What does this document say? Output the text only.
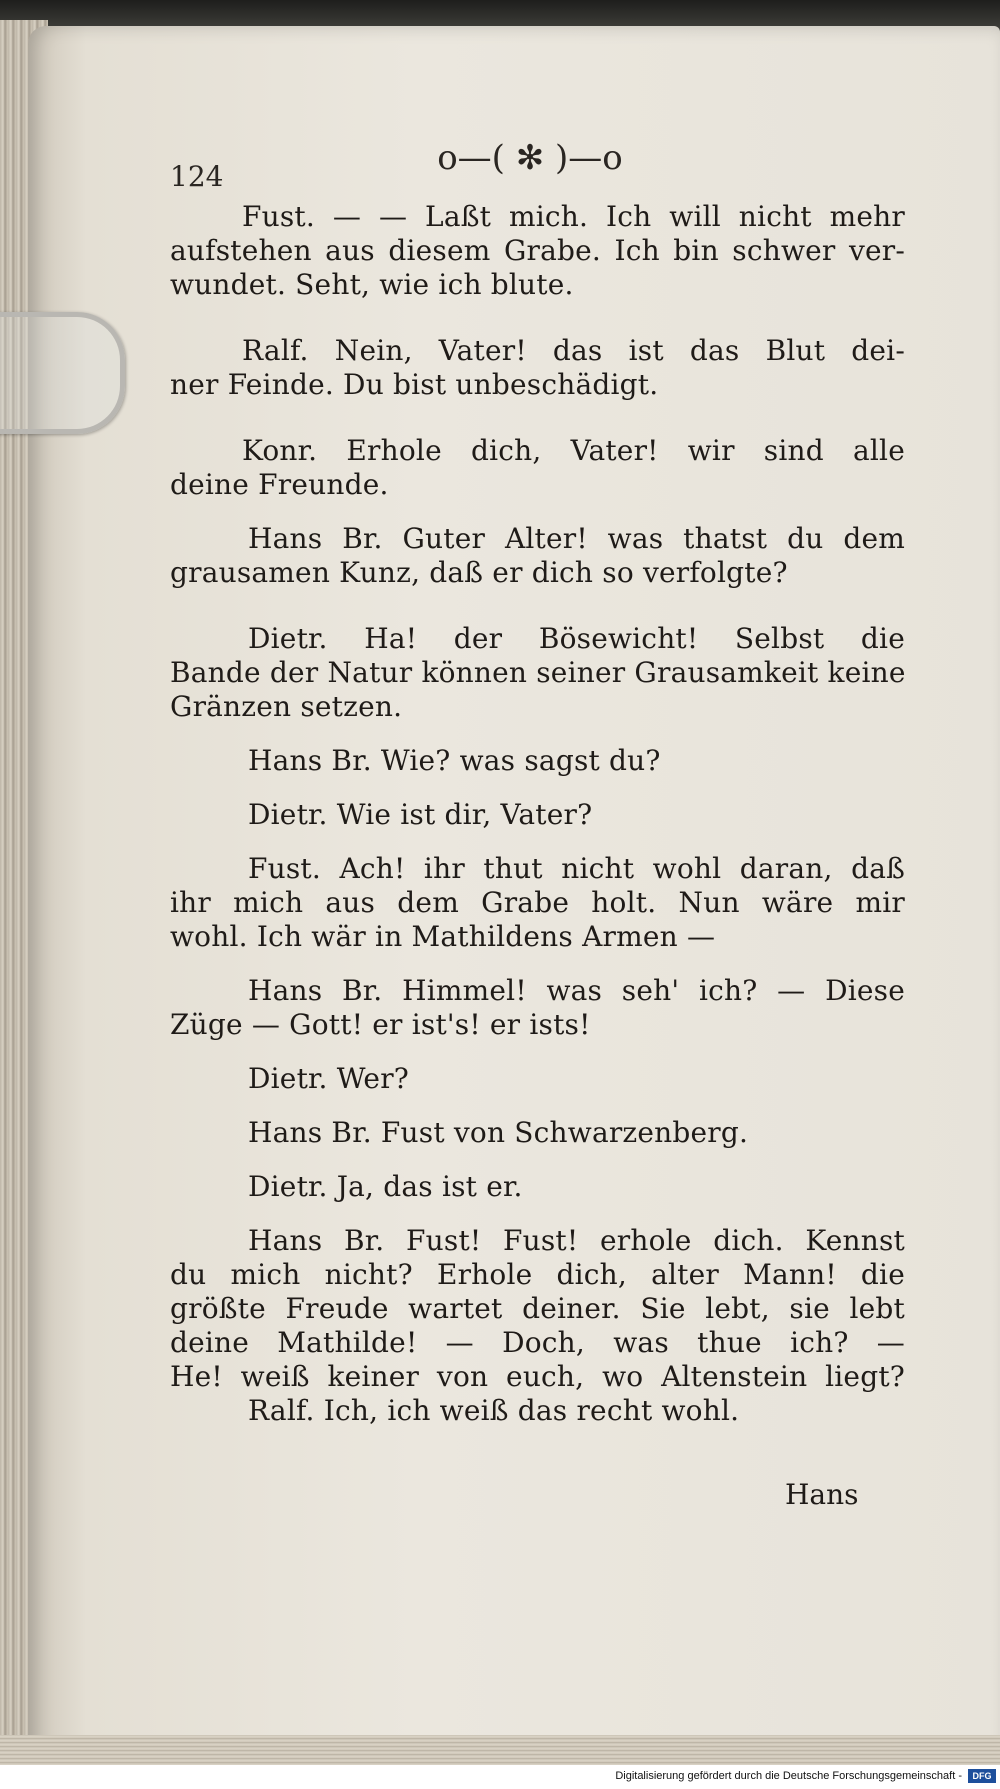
124	o—( ✻ )—o
Fust. — — Laßt mich. Ich will nicht mehr
aufstehen aus diesem Grabe. Ich bin schwer ver-
wundet. Seht, wie ich blute.
Ralf. Nein, Vater! das ist das Blut dei-
ner Feinde. Du bist unbeschädigt.
Konr. Erhole dich, Vater! wir sind alle
deine Freunde.
Hans Br. Guter Alter! was thatst du dem
grausamen Kunz, daß er dich so verfolgte?
Dietr. Ha! der Bösewicht! Selbst die
Bande der Natur können seiner Grausamkeit keine
Gränzen setzen.
Hans Br. Wie? was sagst du?
Dietr. Wie ist dir, Vater?
Fust. Ach! ihr thut nicht wohl daran, daß
ihr mich aus dem Grabe holt. Nun wäre mir
wohl. Ich wär in Mathildens Armen —
Hans Br. Himmel! was seh' ich? — Diese
Züge — Gott! er ist's! er ists!
Dietr. Wer?
Hans Br. Fust von Schwarzenberg.
Dietr. Ja, das ist er.
Hans Br. Fust! Fust! erhole dich. Kennst
du mich nicht? Erhole dich, alter Mann! die
größte Freude wartet deiner. Sie lebt, sie lebt
deine Mathilde! — Doch, was thue ich? —
He! weiß keiner von euch, wo Altenstein liegt?
Ralf. Ich, ich weiß das recht wohl.
Hans
Digitalisierung gefördert durch die Deutsche Forschungsgemeinschaft -	DFG
